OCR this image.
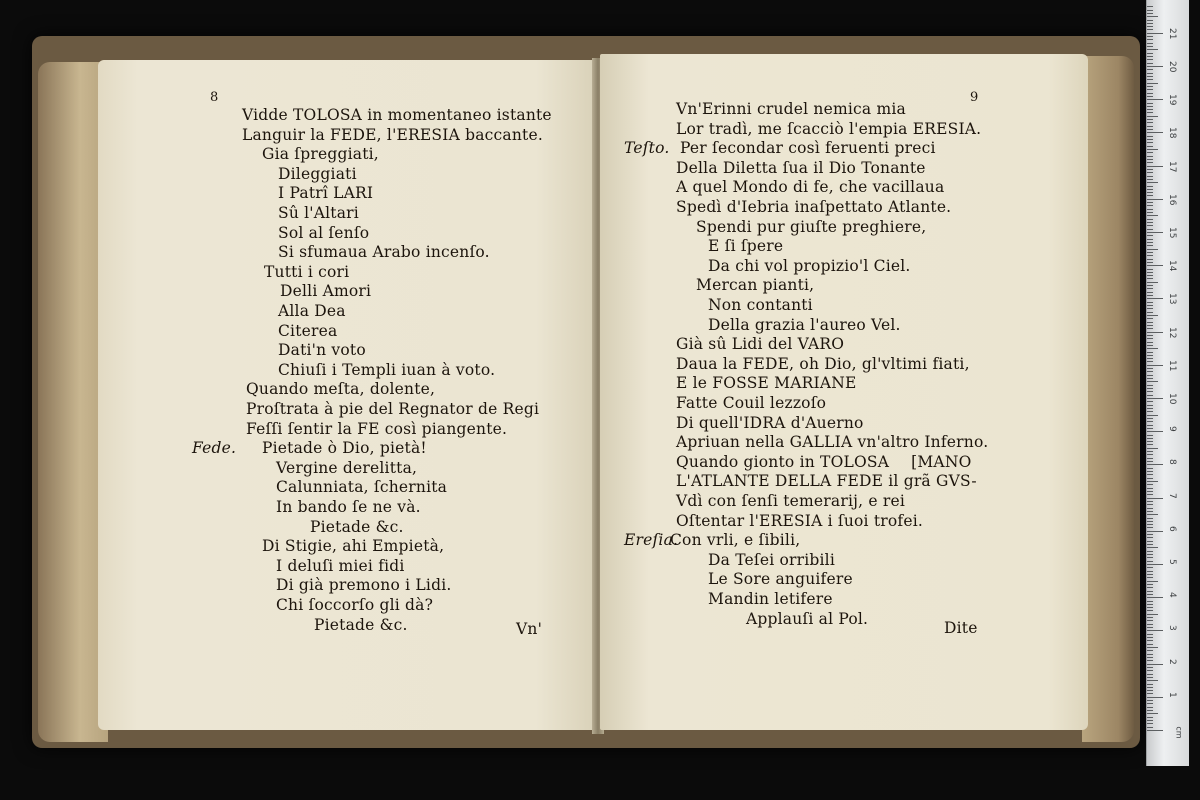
8
Vidde TOLOSA in momentaneo istante
Languir la FEDE, l'ERESIA baccante.
Gia ſpreggiati,
Dileggiati
I Patrî LARI
Sû l'Altari
Sol al ſenſo
Si sfumaua Arabo incenſo.
Tutti i cori
Delli Amori
Alla Dea
Citerea
Dati'n voto
Chiuſi i Templi iuan à voto.
Quando meſta, dolente,
Proſtrata à pie del Regnator de Regi
Feſſi ſentir la FE così piangente.
Pietade ò Dio, pietà!
Fede.
Vergine derelitta,
Calunniata, ſchernita
In bando ſe ne và.
Pietade &c.
Di Stigie, ahi Empietà,
I deluſi miei fidi
Di già premono i Lidi.
Chi ſoccorſo gli dà?
Pietade &c.	Vn'
9
Vn'Erinni crudel nemica mia
Lor tradì, me ſcacciò l'empia ERESIA.
Per ſecondar così feruenti preci
Teſto.
Della Diletta ſua il Dio Tonante
A quel Mondo di fe, che vacillaua
Spedì d'Iebria inaſpettato Atlante.
Spendi pur giuſte preghiere,
E ſi ſpere
Da chi vol propizio'l Ciel.
Mercan pianti,
Non contanti
Della grazia l'aureo Vel.
Già sû Lidi del VARO
Daua la FEDE, oh Dio, gl'vltimi fiati,
E le FOSSE MARIANE
Fatte Couil lezzoſo
Di quell'IDRA d'Auerno
Apriuan nella GALLIA vn'altro Inferno.
Quando gionto in TOLOSA [MANO
L'ATLANTE DELLA FEDE il grã GVS-
Vdì con ſenſi temerarij, e rei
Oſtentar l'ERESIA i ſuoi trofei.
Con vrli, e ſibili,
Ereſia.
Da Teſei orribili
Le Sore anguifere
Mandin letifere
Applauſi al Pol.
Dite
cm
1
2
3
4
5
6
7
8
9
10
11
12
13
14
15
16
17
18
19
20
21
